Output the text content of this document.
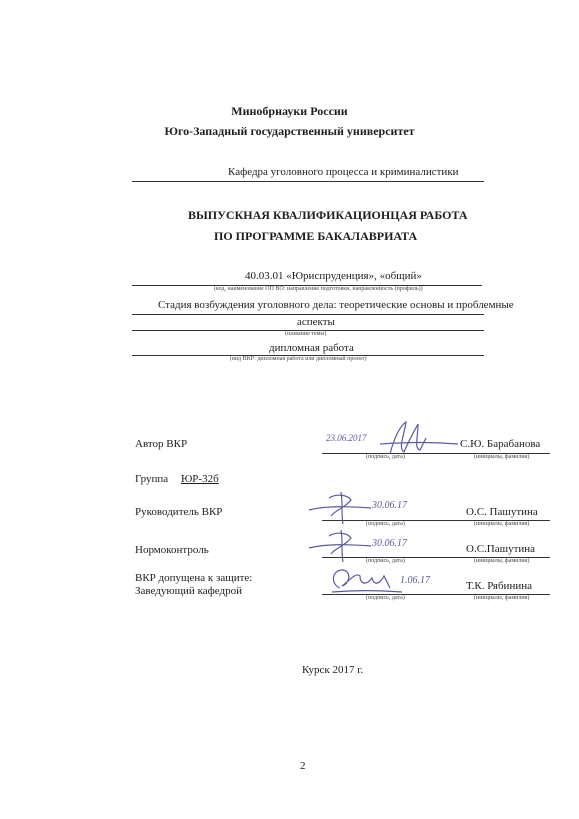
Минобрнауки России
Юго-Западный государственный университет
Кафедра уголовного процесса и криминалистики
ВЫПУСКНАЯ КВАЛИФИКАЦИОНЦАЯ РАБОТА
ПО ПРОГРАММЕ БАКАЛАВРИАТА
40.03.01 «Юриспруденция», «общий»
(код, наименование ОП ВО: направление подготовки, направленность (профиль))
Стадия возбуждения уголовного дела: теоретические основы и проблемные
аспекты
(название темы)
дипломная работа
(вид ВКР: дипломная работа или дипломный проект)
Автор ВКР	С.Ю. Барабанова
(подпись, дата)	(инициалы, фамилия)
23.06.2017
Группа ЮР-32б
Руководитель ВКР	О.С. Пашутина
(подпись, дата)	(инициалы, фамилия)
30.06.17
Нормоконтроль	О.С.Пашутина
(подпись, дата)	(инициалы, фамилия)
30.06.17
ВКР допущена к защите:
Заведующий кафедрой	Т.К. Рябинина
(подпись, дата)	(инициалы, фамилия)
1.06.17
Курск 2017 г.
2
